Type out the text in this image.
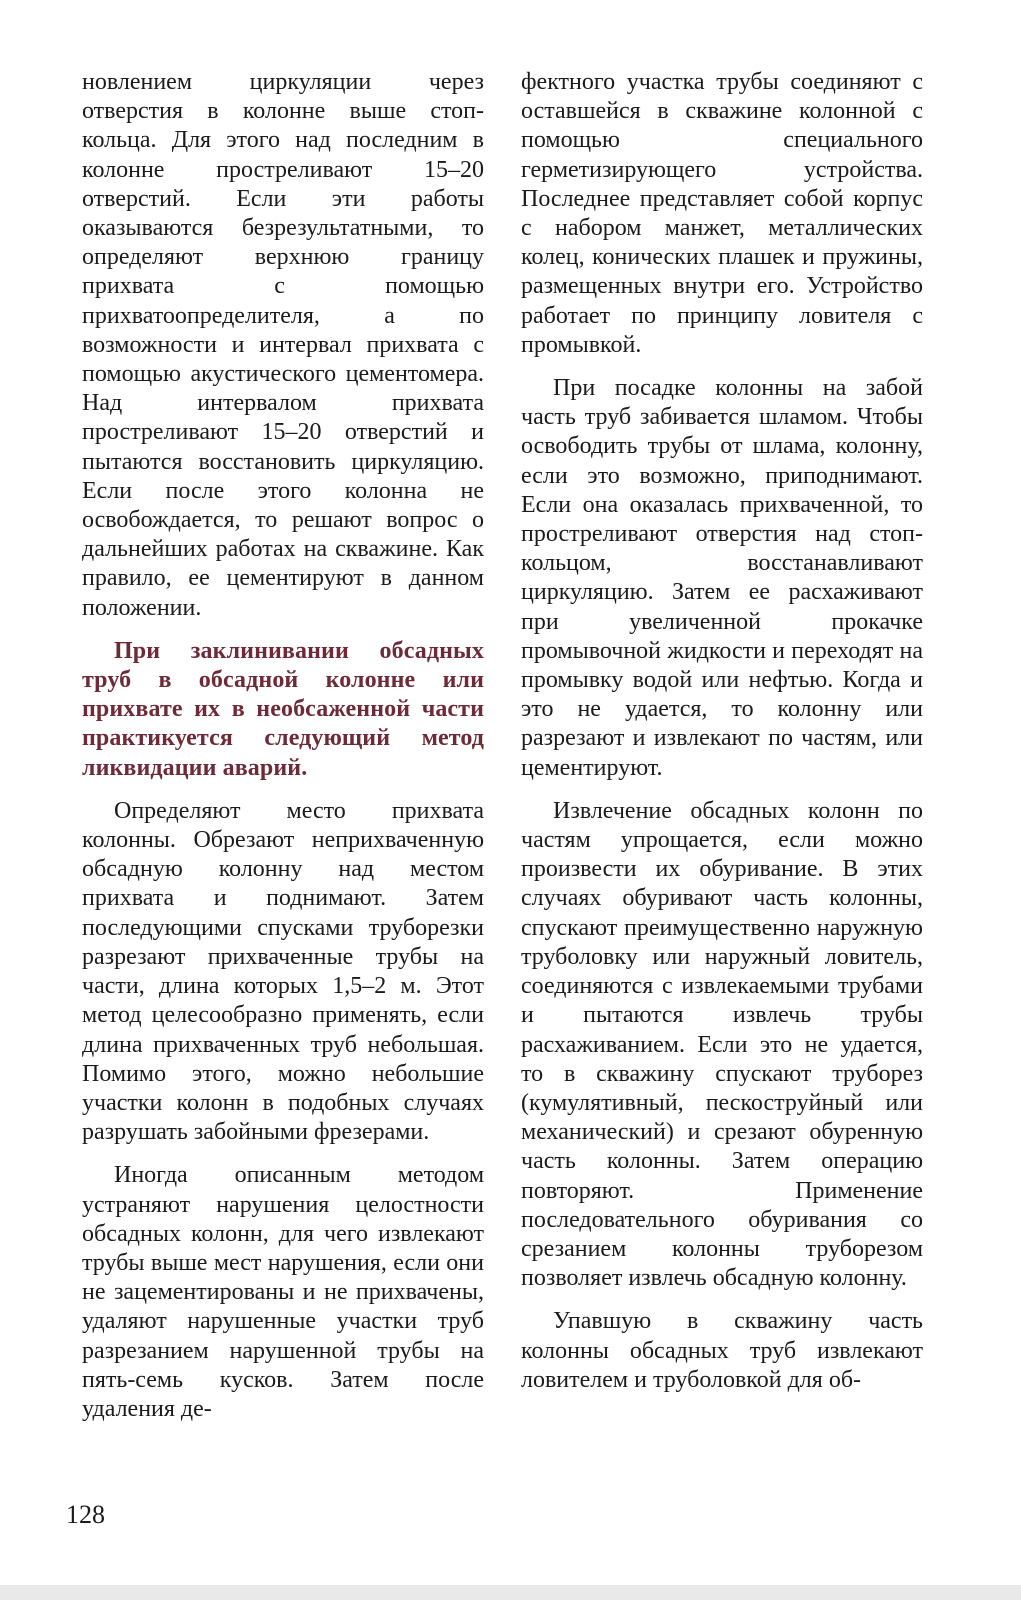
новлением циркуляции через отверстия в колонне выше стоп-кольца. Для этого над последним в колонне простреливают 15–20 отверстий. Если эти работы оказываются безрезультатными, то определяют верхнюю границу прихвата с помощью прихватоопределителя, а по возможности и интервал прихвата с помощью акустического цементомера. Над интервалом прихвата простреливают 15–20 отверстий и пытаются восстановить циркуляцию. Если после этого колонна не освобождается, то решают вопрос о дальнейших работах на скважине. Как правило, ее цементируют в данном положении.

При заклинивании обсадных труб в обсадной колонне или прихвате их в необсаженной части практикуется следующий метод ликвидации аварий.

Определяют место прихвата колонны. Обрезают неприхваченную обсадную колонну над местом прихвата и поднимают. Затем последующими спусками труборезки разрезают прихваченные трубы на части, длина которых 1,5–2 м. Этот метод целесообразно применять, если длина прихваченных труб небольшая. Помимо этого, можно небольшие участки колонн в подобных случаях разрушать забойными фрезерами.

Иногда описанным методом устраняют нарушения целостности обсадных колонн, для чего извлекают трубы выше мест нарушения, если они не зацементированы и не прихвачены, удаляют нарушенные участки труб разрезанием нарушенной трубы на пять-семь кусков. Затем после удаления де-

фектного участка трубы соединяют с оставшейся в скважине колонной с помощью специального герметизирующего устройства. Последнее представляет собой корпус с набором манжет, металлических колец, конических плашек и пружины, размещенных внутри его. Устройство работает по принципу ловителя с промывкой.

При посадке колонны на забой часть труб забивается шламом. Чтобы освободить трубы от шлама, колонну, если это возможно, приподнимают. Если она оказалась прихваченной, то простреливают отверстия над стоп-кольцом, восстанавливают циркуляцию. Затем ее расхаживают при увеличенной прокачке промывочной жидкости и переходят на промывку водой или нефтью. Когда и это не удается, то колонну или разрезают и извлекают по частям, или цементируют.

Извлечение обсадных колонн по частям упрощается, если можно произвести их обуривание. В этих случаях обуривают часть колонны, спускают преимущественно наружную труболовку или наружный ловитель, соединяются с извлекаемыми трубами и пытаются извлечь трубы расхаживанием. Если это не удается, то в скважину спускают труборез (кумулятивный, пескоструйный или механический) и срезают обуренную часть колонны. Затем операцию повторяют. Применение последовательного обуривания со срезанием колонны труборезом позволяет извлечь обсадную колонну.

Упавшую в скважину часть колонны обсадных труб извлекают ловителем и труболовкой для об-

128
